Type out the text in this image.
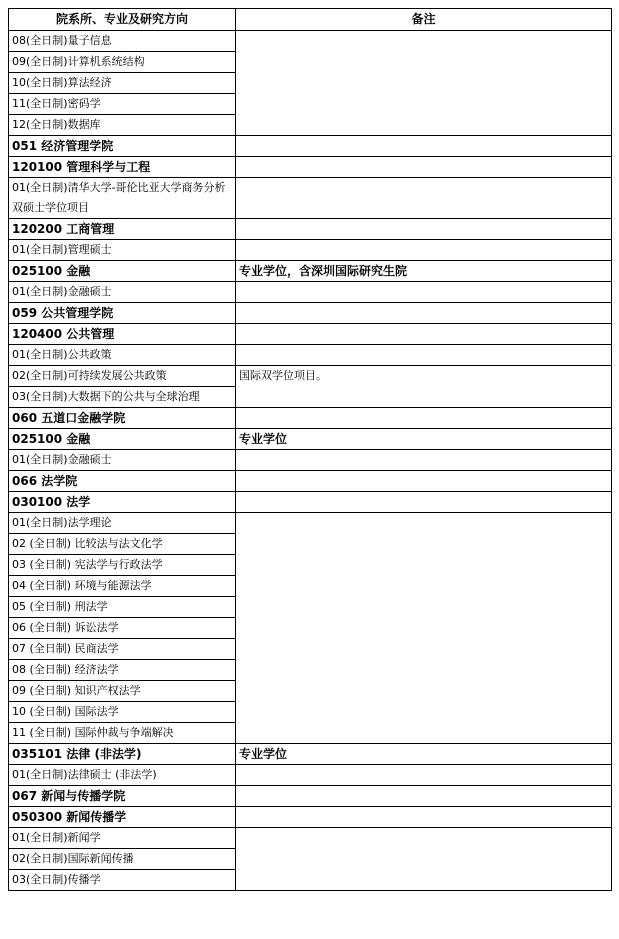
院系所、专业及研究方向	备注
08(全日制)量子信息	
09(全日制)计算机系统结构	
10(全日制)算法经济	
11(全日制)密码学	
12(全日制)数据库	
051 经济管理学院	
120100 管理科学与工程	
01(全日制)清华大学-哥伦比亚大学商务分析双硕士学位项目	
120200 工商管理	
01(全日制)管理硕士	
025100 金融	专业学位，含深圳国际研究生院
01(全日制)金融硕士	
059 公共管理学院	
120400 公共管理	
01(全日制)公共政策	
02(全日制)可持续发展公共政策	国际双学位项目。
03(全日制)大数据下的公共与全球治理	
060 五道口金融学院	
025100 金融	专业学位
01(全日制)金融硕士	
066 法学院	
030100 法学	
01(全日制)法学理论	
02 (全日制) 比较法与法文化学	
03 (全日制) 宪法学与行政法学	
04 (全日制) 环境与能源法学	
05 (全日制) 刑法学	
06 (全日制) 诉讼法学	
07 (全日制) 民商法学	
08 (全日制) 经济法学	
09 (全日制) 知识产权法学	
10 (全日制) 国际法学	
11 (全日制) 国际仲裁与争端解决	
035101 法律 (非法学)	专业学位
01(全日制)法律硕士 (非法学)	
067 新闻与传播学院	
050300 新闻传播学	
01(全日制)新闻学	
02(全日制)国际新闻传播	
03(全日制)传播学	
